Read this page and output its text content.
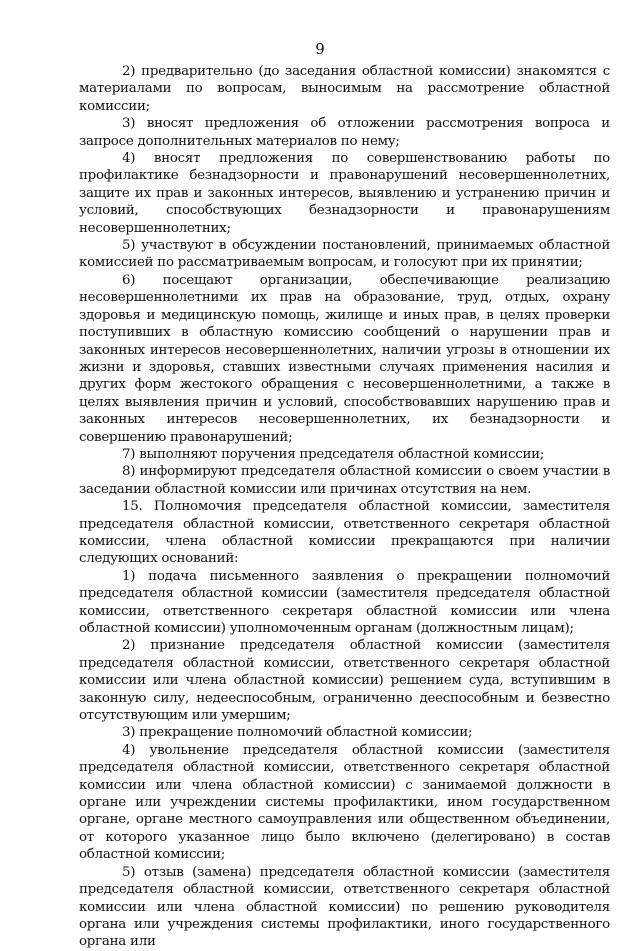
9

2) предварительно (до заседания областной комиссии) знакомятся с материалами по вопросам, выносимым на рассмотрение областной комиссии;

3) вносят предложения об отложении рассмотрения вопроса и запросе дополнительных материалов по нему;

4) вносят предложения по совершенствованию работы по профилактике безнадзорности и правонарушений несовершеннолетних, защите их прав и законных интересов, выявлению и устранению причин и условий, способствующих безнадзорности и правонарушениям несовершеннолетних;

5) участвуют в обсуждении постановлений, принимаемых областной комиссией по рассматриваемым вопросам, и голосуют при их принятии;

6) посещают организации, обеспечивающие реализацию несовершеннолетними их прав на образование, труд, отдых, охрану здоровья и медицинскую помощь, жилище и иных прав, в целях проверки поступивших в областную комиссию сообщений о нарушении прав и законных интересов несовершеннолетних, наличии угрозы в отношении их жизни и здоровья, ставших известными случаях применения насилия и других форм жестокого обращения с несовершеннолетними, а также в целях выявления причин и условий, способствовавших нарушению прав и законных интересов несовершеннолетних, их безнадзорности и совершению правонарушений;

7) выполняют поручения председателя областной комиссии;

8) информируют председателя областной комиссии о своем участии в заседании областной комиссии или причинах отсутствия на нем.

15. Полномочия председателя областной комиссии, заместителя председателя областной комиссии, ответственного секретаря областной комиссии, члена областной комиссии прекращаются при наличии следующих оснований:

1) подача письменного заявления о прекращении полномочий председателя областной комиссии (заместителя председателя областной комиссии, ответственного секретаря областной комиссии или члена областной комиссии) уполномоченным органам (должностным лицам);

2) признание председателя областной комиссии (заместителя председателя областной комиссии, ответственного секретаря областной комиссии или члена областной комиссии) решением суда, вступившим в законную силу, недееспособным, ограниченно дееспособным и безвестно отсутствующим или умершим;

3) прекращение полномочий областной комиссии;

4) увольнение председателя областной комиссии (заместителя председателя областной комиссии, ответственного секретаря областной комиссии или члена областной комиссии) с занимаемой должности в органе или учреждении системы профилактики, ином государственном органе, органе местного самоуправления или общественном объединении, от которого указанное лицо было включено (делегировано) в состав областной комиссии;

5) отзыв (замена) председателя областной комиссии (заместителя председателя областной комиссии, ответственного секретаря областной комиссии или члена областной комиссии) по решению руководителя органа или учреждения системы профилактики, иного государственного органа или
